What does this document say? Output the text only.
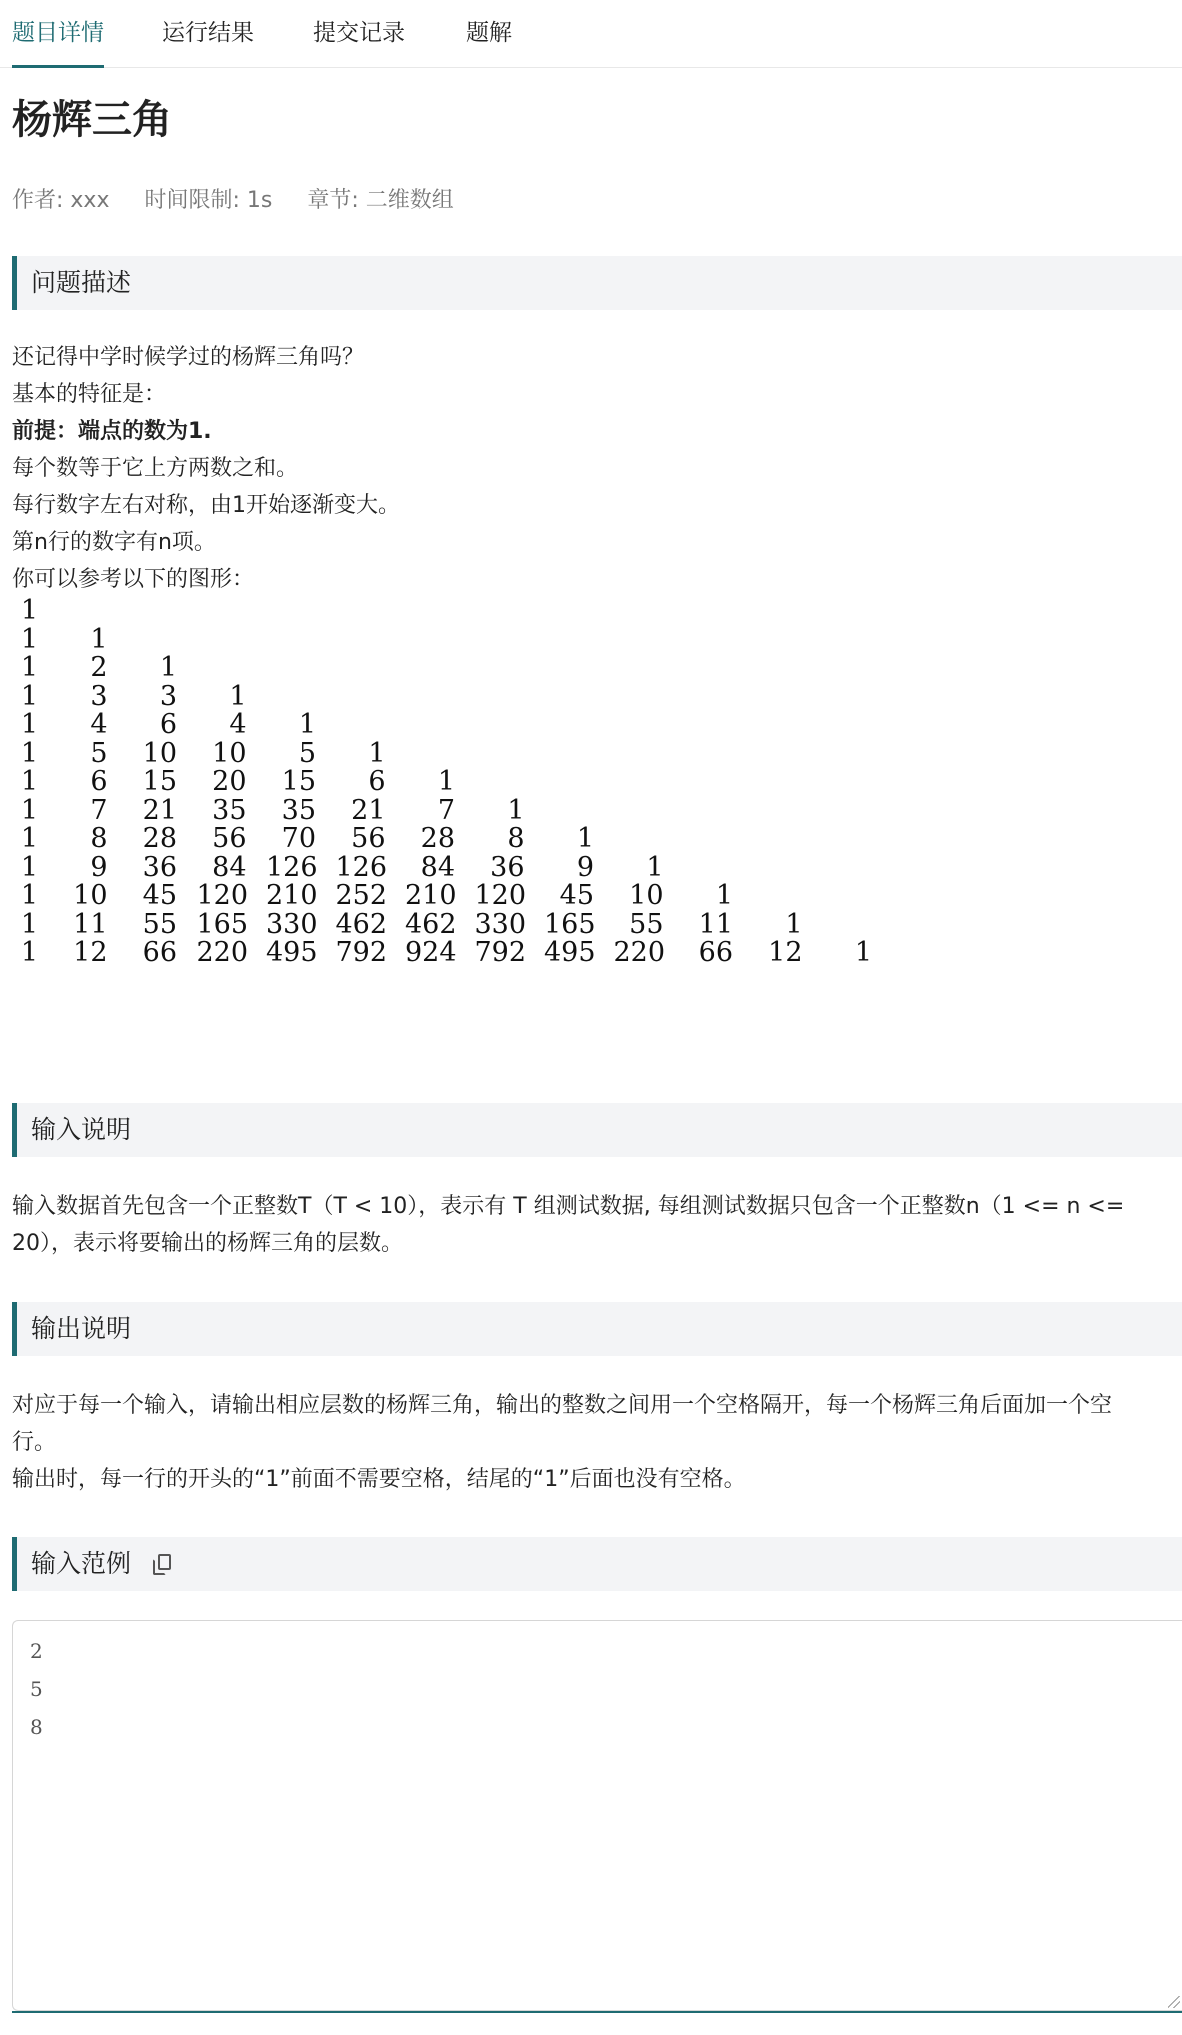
题目详情	运行结果	提交记录	题解
杨辉三角
作者: xxx 时间限制: 1s 章节: 二维数组
问题描述

还记得中学时候学过的杨辉三角吗？

基本的特征是：

前提：端点的数为1.

每个数等于它上方两数之和。

每行数字左右对称，由1开始逐渐变大。

第n行的数字有n项。

你可以参考以下的图形：

1
1	1
1	2	1
1	3	3	1
1	4	6	4	1
1	5	10	10	5	1
1	6	15	20	15	6	1
1	7	21	35	35	21	7	1
1	8	28	56	70	56	28	8	1
1	9	36	84 126 126	84	36	9	1
1	10	45 120 210 252 210 120	45	10	1
1	11	55 165 330 462 462 330 165	55	11	1
1	12	66 220 495 792 924 792 495 220	66	12	1
输入说明

输入数据首先包含一个正整数T（T < 10），表示有 T 组测试数据, 每组测试数据只包含一个正整数n（1 <= n <=

20），表示将要输出的杨辉三角的层数。

输出说明

对应于每一个输入，请输出相应层数的杨辉三角，输出的整数之间用一个空格隔开，每一个杨辉三角后面加一个空

行。

输出时，每一行的开头的“1”前面不需要空格，结尾的“1”后面也没有空格。

输入范例
2
5
8
